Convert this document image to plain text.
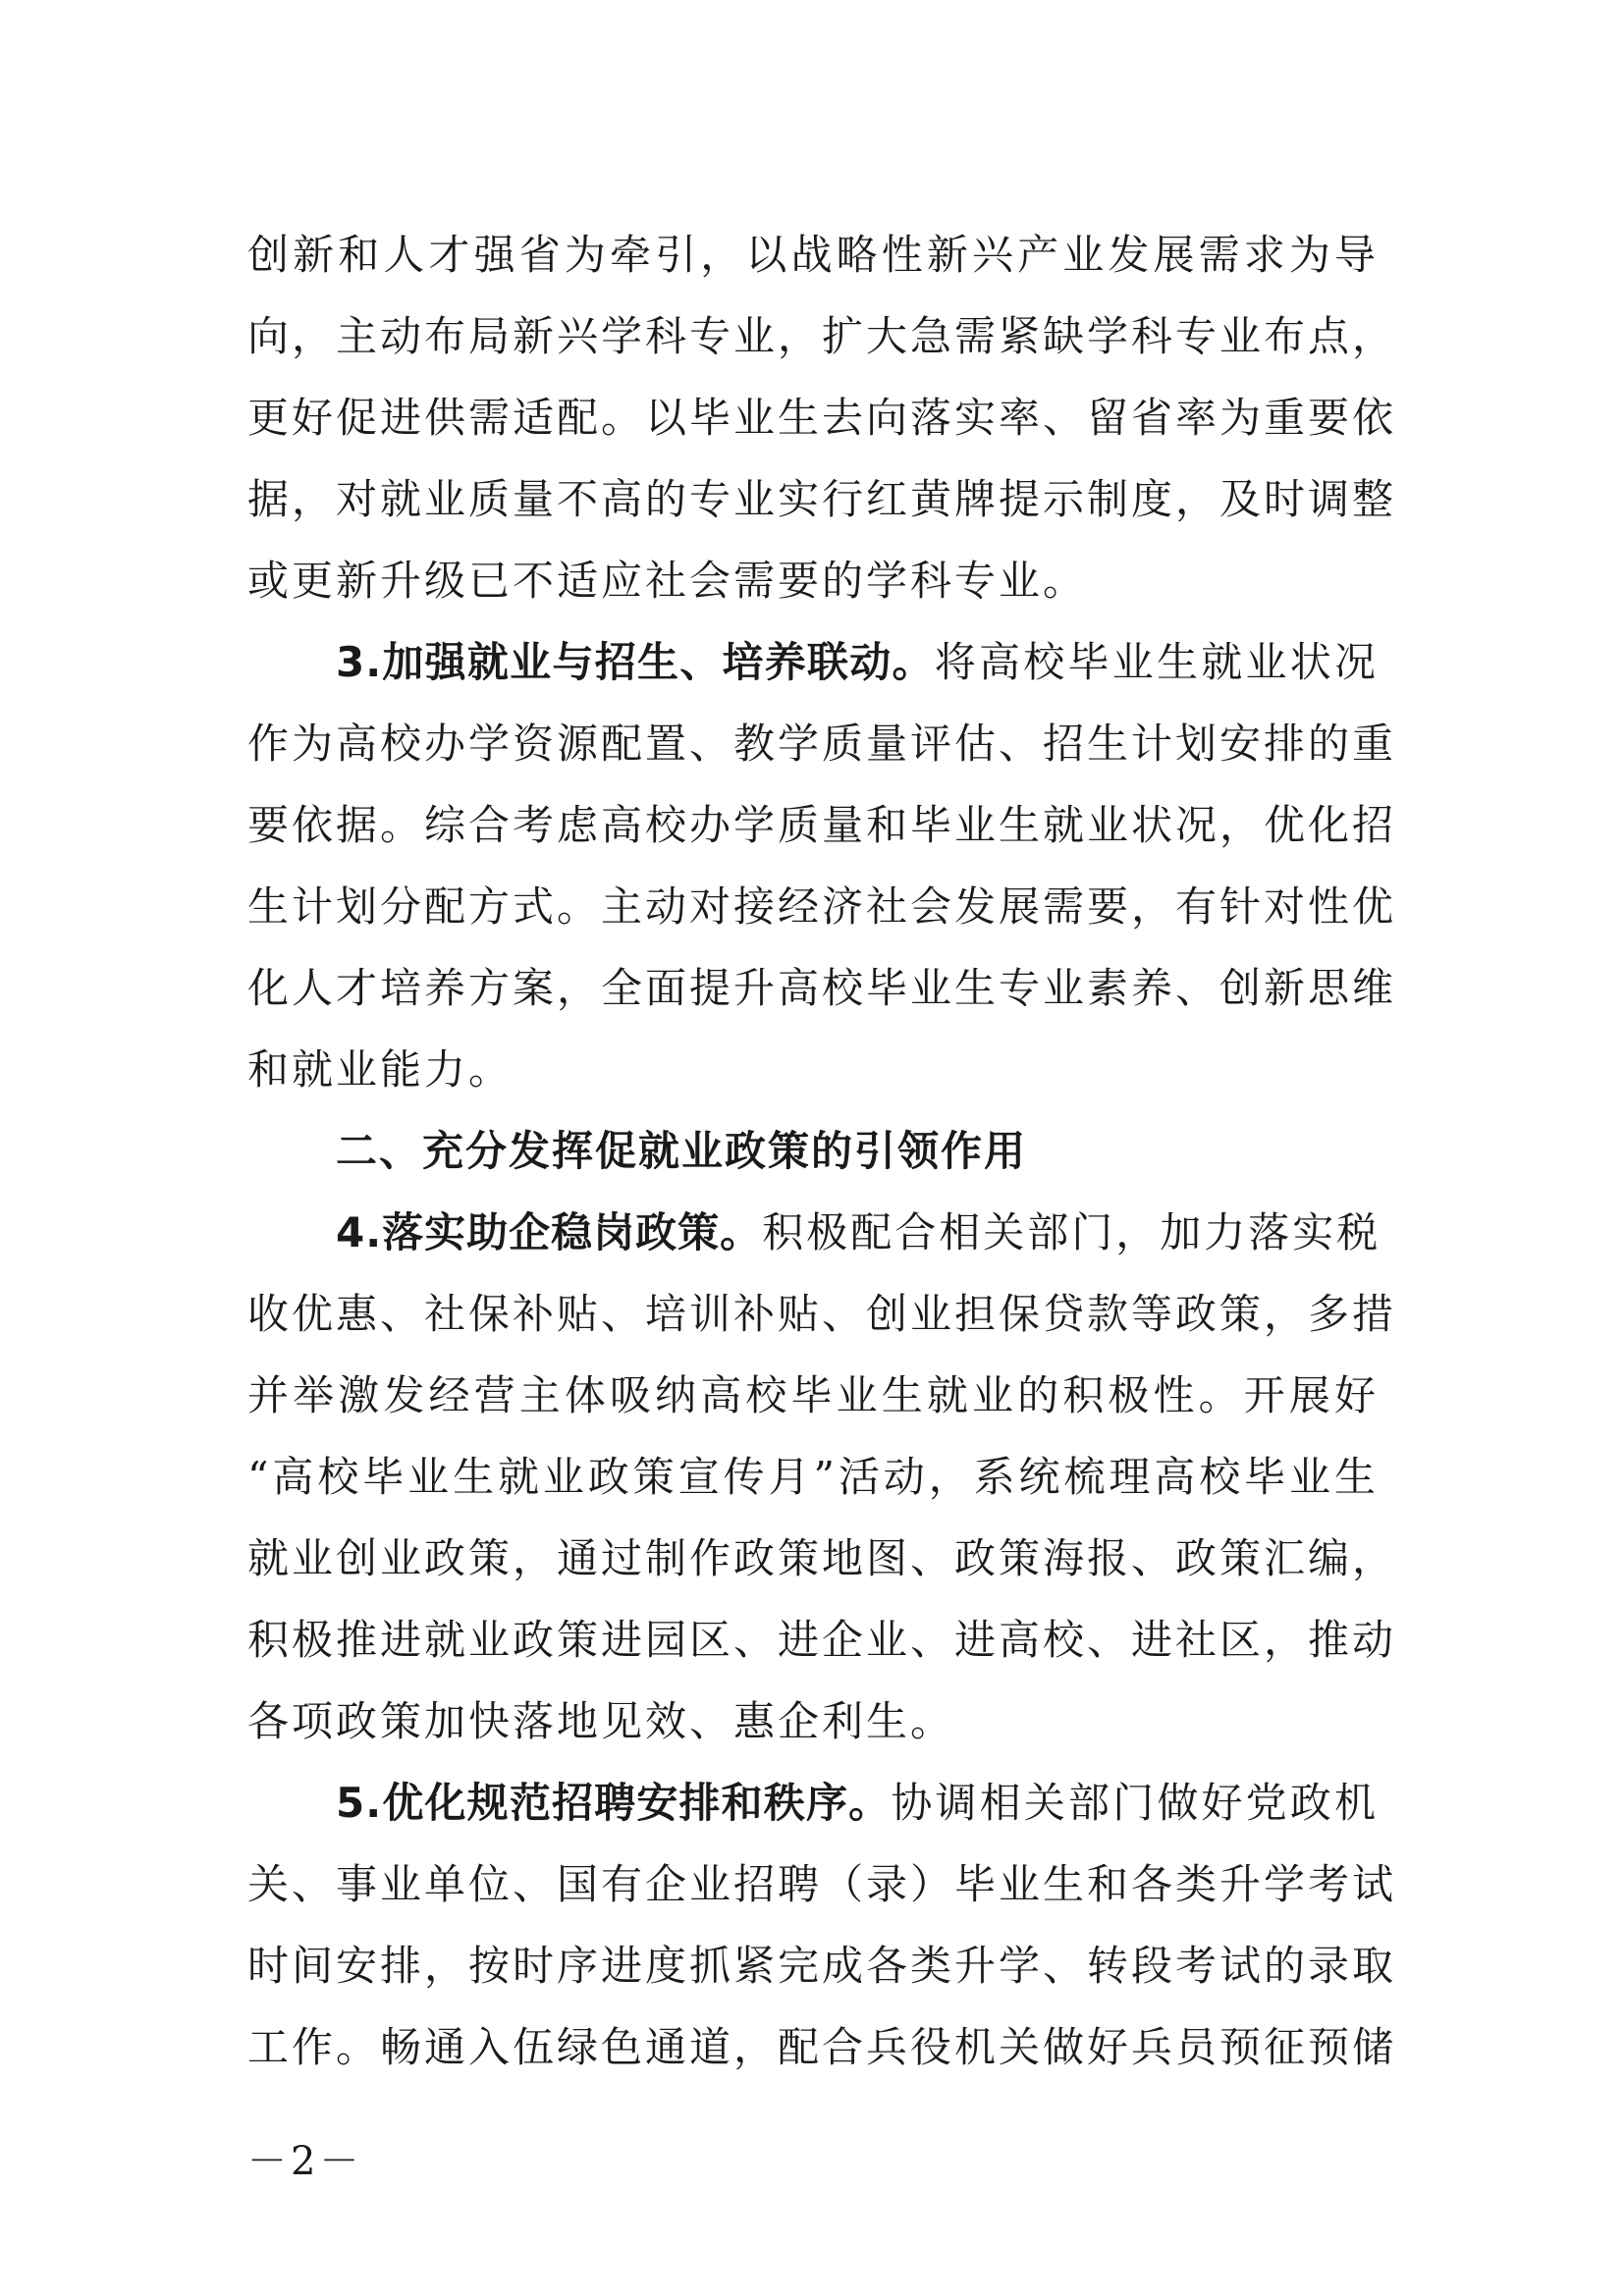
创新和人才强省为牵引，以战略性新兴产业发展需求为导
向，主动布局新兴学科专业，扩大急需紧缺学科专业布点，
更好促进供需适配。以毕业生去向落实率、留省率为重要依
据，对就业质量不高的专业实行红黄牌提示制度，及时调整
或更新升级已不适应社会需要的学科专业。
3.加强就业与招生、培养联动。将高校毕业生就业状况
作为高校办学资源配置、教学质量评估、招生计划安排的重
要依据。综合考虑高校办学质量和毕业生就业状况，优化招
生计划分配方式。主动对接经济社会发展需要，有针对性优
化人才培养方案，全面提升高校毕业生专业素养、创新思维
和就业能力。
二、充分发挥促就业政策的引领作用
4.落实助企稳岗政策。积极配合相关部门，加力落实税
收优惠、社保补贴、培训补贴、创业担保贷款等政策，多措
并举激发经营主体吸纳高校毕业生就业的积极性。开展好
“高校毕业生就业政策宣传月”活动，系统梳理高校毕业生
就业创业政策，通过制作政策地图、政策海报、政策汇编，
积极推进就业政策进园区、进企业、进高校、进社区，推动
各项政策加快落地见效、惠企利生。
5.优化规范招聘安排和秩序。协调相关部门做好党政机
关、事业单位、国有企业招聘（录）毕业生和各类升学考试
时间安排，按时序进度抓紧完成各类升学、转段考试的录取
工作。畅通入伍绿色通道，配合兵役机关做好兵员预征预储
－2－
